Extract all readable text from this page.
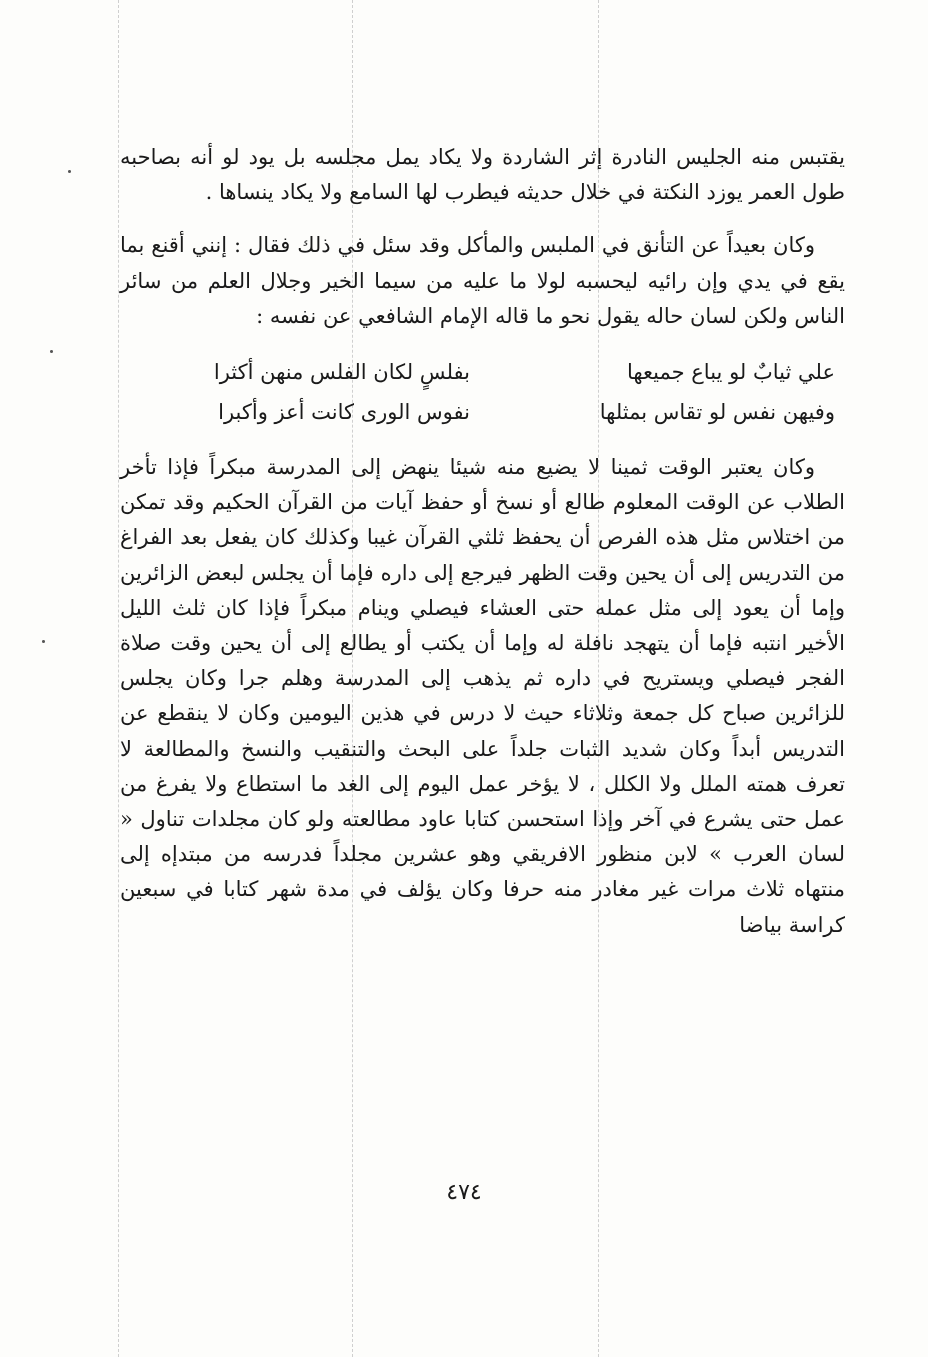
يقتبس منه الجليس النادرة إثر الشاردة ولا يكاد يمل مجلسه بل يود لو أنه بصاحبه طول العمر يوزد النكتة في خلال حديثه فيطرب لها السامع ولا يكاد ينساها .

وكان بعيداً عن التأنق في الملبس والمأكل وقد سئل في ذلك فقال : إنني أقنع بما يقع في يدي وإن رائيه ليحسبه لولا ما عليه من سيما الخير وجلال العلم من سائر الناس ولكن لسان حاله يقول نحو ما قاله الإمام الشافعي عن نفسه :

علي ثيابٌ لو يباع جميعها
بفلسٍ لكان الفلس منهن أكثرا
وفيهن نفس لو تقاس بمثلها
نفوس الورى كانت أعز وأكبرا

وكان يعتبر الوقت ثمينا لا يضيع منه شيئا ينهض إلى المدرسة مبكراً فإذا تأخر الطلاب عن الوقت المعلوم طالع أو نسخ أو حفظ آيات من القرآن الحكيم وقد تمكن من اختلاس مثل هذه الفرص أن يحفظ ثلثي القرآن غيبا وكذلك كان يفعل بعد الفراغ من التدريس إلى أن يحين وقت الظهر فيرجع إلى داره فإما أن يجلس لبعض الزائرين وإما أن يعود إلى مثل عمله حتى العشاء فيصلي وينام مبكراً فإذا كان ثلث الليل الأخير انتبه فإما أن يتهجد نافلة له وإما أن يكتب أو يطالع إلى أن يحين وقت صلاة الفجر فيصلي ويستريح في داره ثم يذهب إلى المدرسة وهلم جرا وكان يجلس للزائرين صباح كل جمعة وثلاثاء حيث لا درس في هذين اليومين وكان لا ينقطع عن التدريس أبداً وكان شديد الثبات جلداً على البحث والتنقيب والنسخ والمطالعة لا تعرف همته الملل ولا الكلل ، لا يؤخر عمل اليوم إلى الغد ما استطاع ولا يفرغ من عمل حتى يشرع في آخر وإذا استحسن كتابا عاود مطالعته ولو كان مجلدات تناول « لسان العرب » لابن منظور الافريقي وهو عشرين مجلداً فدرسه من مبتدإه إلى منتهاه ثلاث مرات غير مغادر منه حرفا وكان يؤلف في مدة شهر كتابا في سبعين كراسة بياضا

٤٧٤
